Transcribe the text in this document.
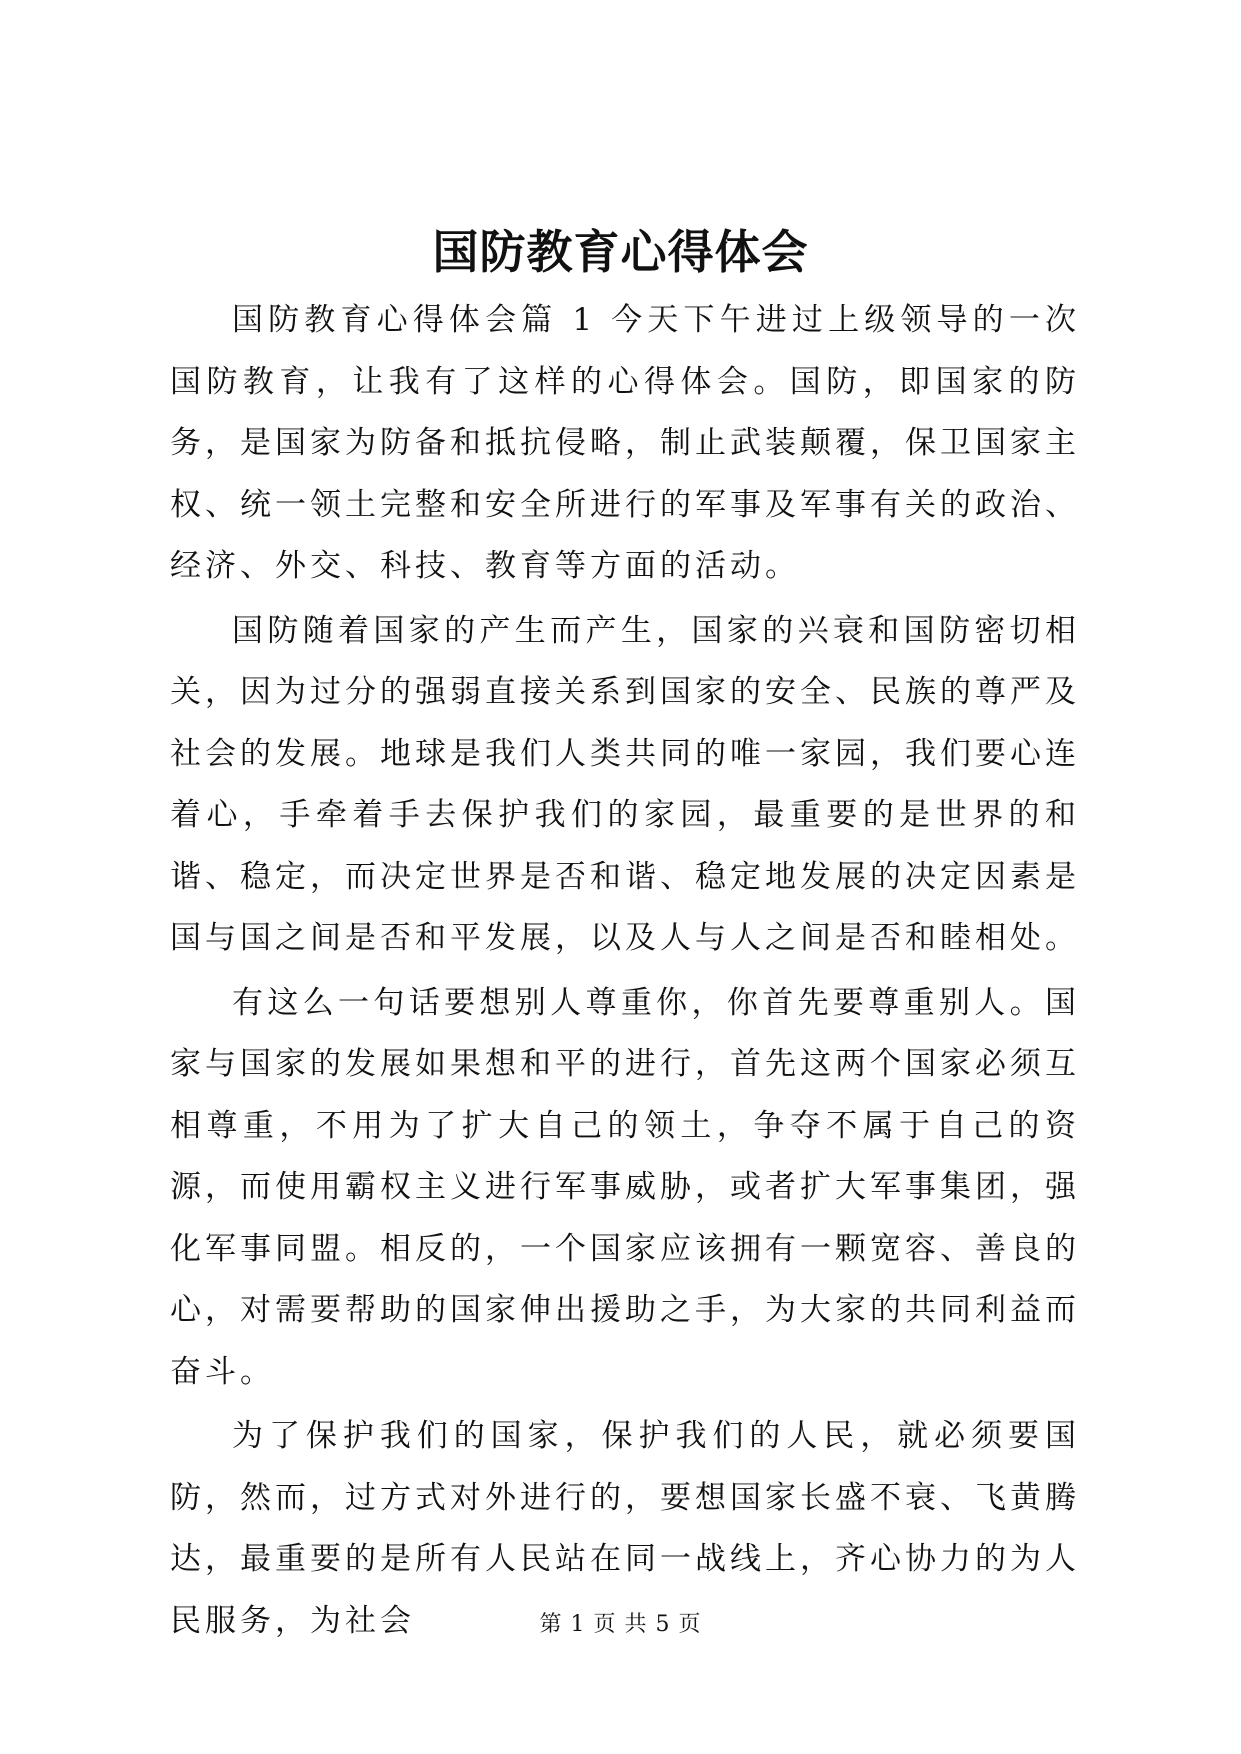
国防教育心得体会

国防教育心得体会篇 1 今天下午进过上级领导的一次国防教育，让我有了这样的心得体会。国防，即国家的防务，是国家为防备和抵抗侵略，制止武装颠覆，保卫国家主权、统一领土完整和安全所进行的军事及军事有关的政治、经济、外交、科技、教育等方面的活动。

国防随着国家的产生而产生，国家的兴衰和国防密切相关，因为过分的强弱直接关系到国家的安全、民族的尊严及社会的发展。地球是我们人类共同的唯一家园，我们要心连着心，手牵着手去保护我们的家园，最重要的是世界的和谐、稳定，而决定世界是否和谐、稳定地发展的决定因素是国与国之间是否和平发展，以及人与人之间是否和睦相处。

有这么一句话要想别人尊重你，你首先要尊重别人。国家与国家的发展如果想和平的进行，首先这两个国家必须互相尊重，不用为了扩大自己的领土，争夺不属于自己的资源，而使用霸权主义进行军事威胁，或者扩大军事集团，强化军事同盟。相反的，一个国家应该拥有一颗宽容、善良的心，对需要帮助的国家伸出援助之手，为大家的共同利益而奋斗。

为了保护我们的国家，保护我们的人民，就必须要国防，然而，过方式对外进行的，要想国家长盛不衰、飞黄腾达，最重要的是所有人民站在同一战线上，齐心协力的为人民服务，为社会	第 1 页 共 5 页
